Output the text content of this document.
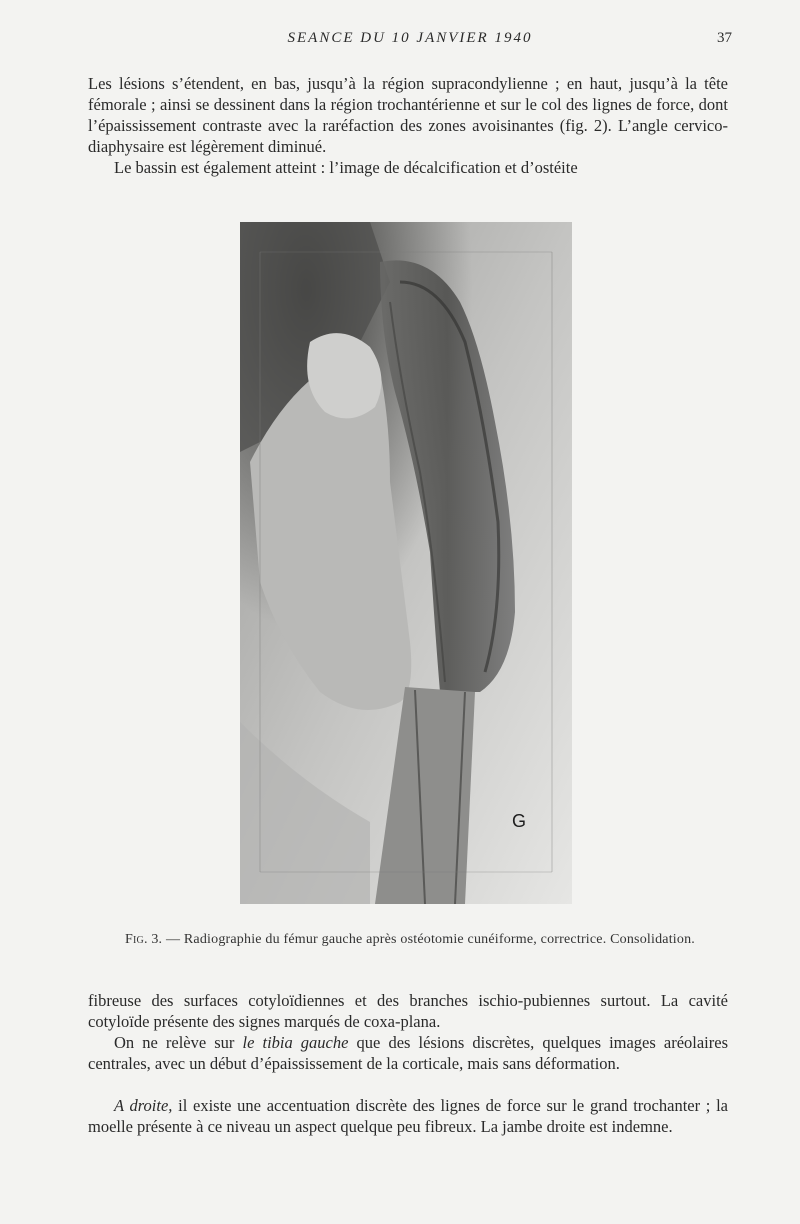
SEANCE DU 10 JANVIER 1940	37
Les lésions s’étendent, en bas, jusqu’à la région supracondylienne ; en haut, jusqu’à la tête fémorale ; ainsi se dessinent dans la région trochantérienne et sur le col des lignes de force, dont l’épaississement contraste avec la raréfaction des zones avoisinantes (fig. 2). L’angle cervico-diaphysaire est légèrement diminué.
Le bassin est également atteint : l’image de décalcification et d’ostéite
G
Fig. 3. — Radiographie du fémur gauche après ostéotomie cunéiforme, correctrice. Consolidation.
fibreuse des surfaces cotyloïdiennes et des branches ischio-pubiennes surtout. La cavité cotyloïde présente des signes marqués de coxa-plana.
On ne relève sur le tibia gauche que des lésions discrètes, quelques images aréolaires centrales, avec un début d’épaississement de la corticale, mais sans déformation.
A droite, il existe une accentuation discrète des lignes de force sur le grand trochanter ; la moelle présente à ce niveau un aspect quelque peu fibreux. La jambe droite est indemne.
